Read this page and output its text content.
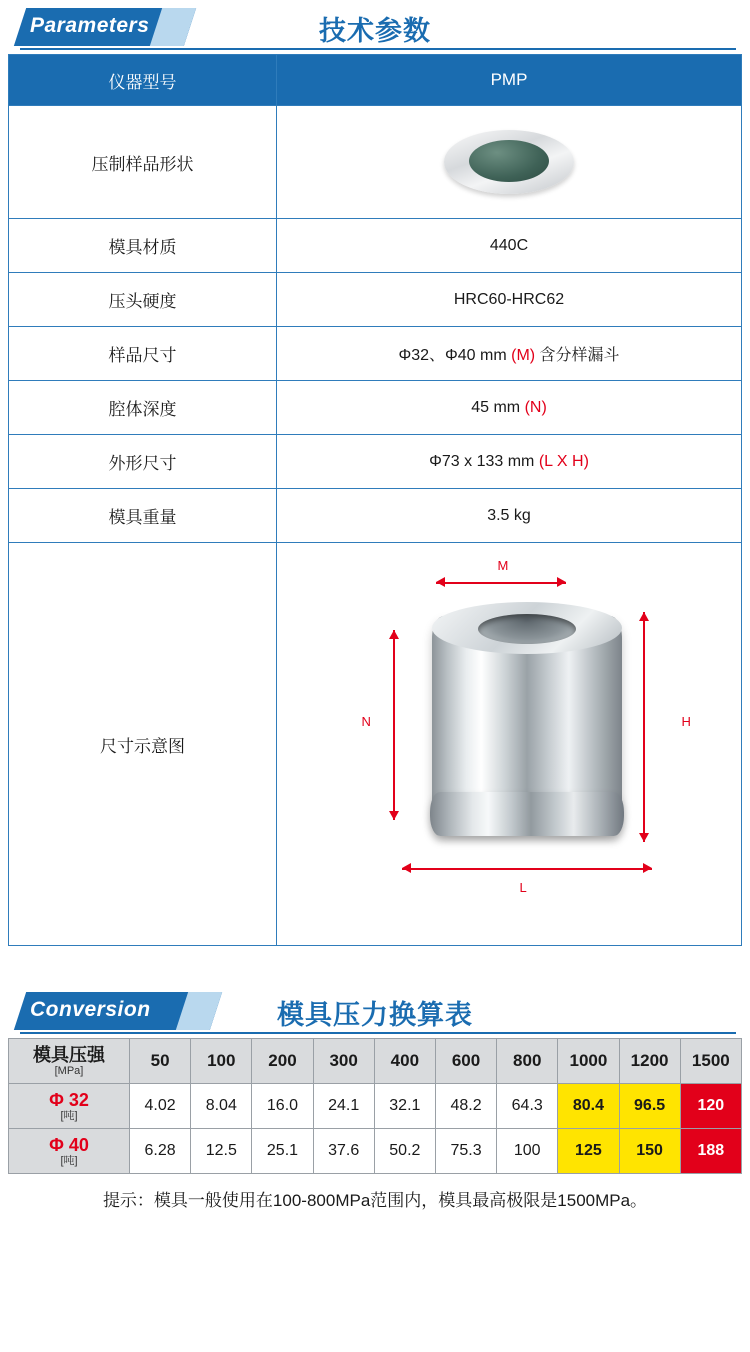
Parameters	技术参数
仪器型号	PMP
压制样品形状	

模具材质	440C
压头硬度	HRC60-HRC62
样品尺寸	Φ32、Φ40 mm (M) 含分样漏斗
腔体深度	45 mm (N)
外形尺寸	Φ73 x 133 mm (L X H)
模具重量	3.5 kg
尺寸示意图	M
N H
L
Conversion	模具压力换算表
模具压强
[MPa]	50	100	200	300	400	600	800	1000	1200	1500

Φ 32
[吨]	4.02	8.04	16.0	24.1	32.1	48.2	64.3	80.4	96.5	120

Φ 40
[吨]	6.28	12.5	25.1	37.6	50.2	75.3	100	125	150	188
提示：模具一般使用在100-800MPa范围内，模具最高极限是1500MPa。
